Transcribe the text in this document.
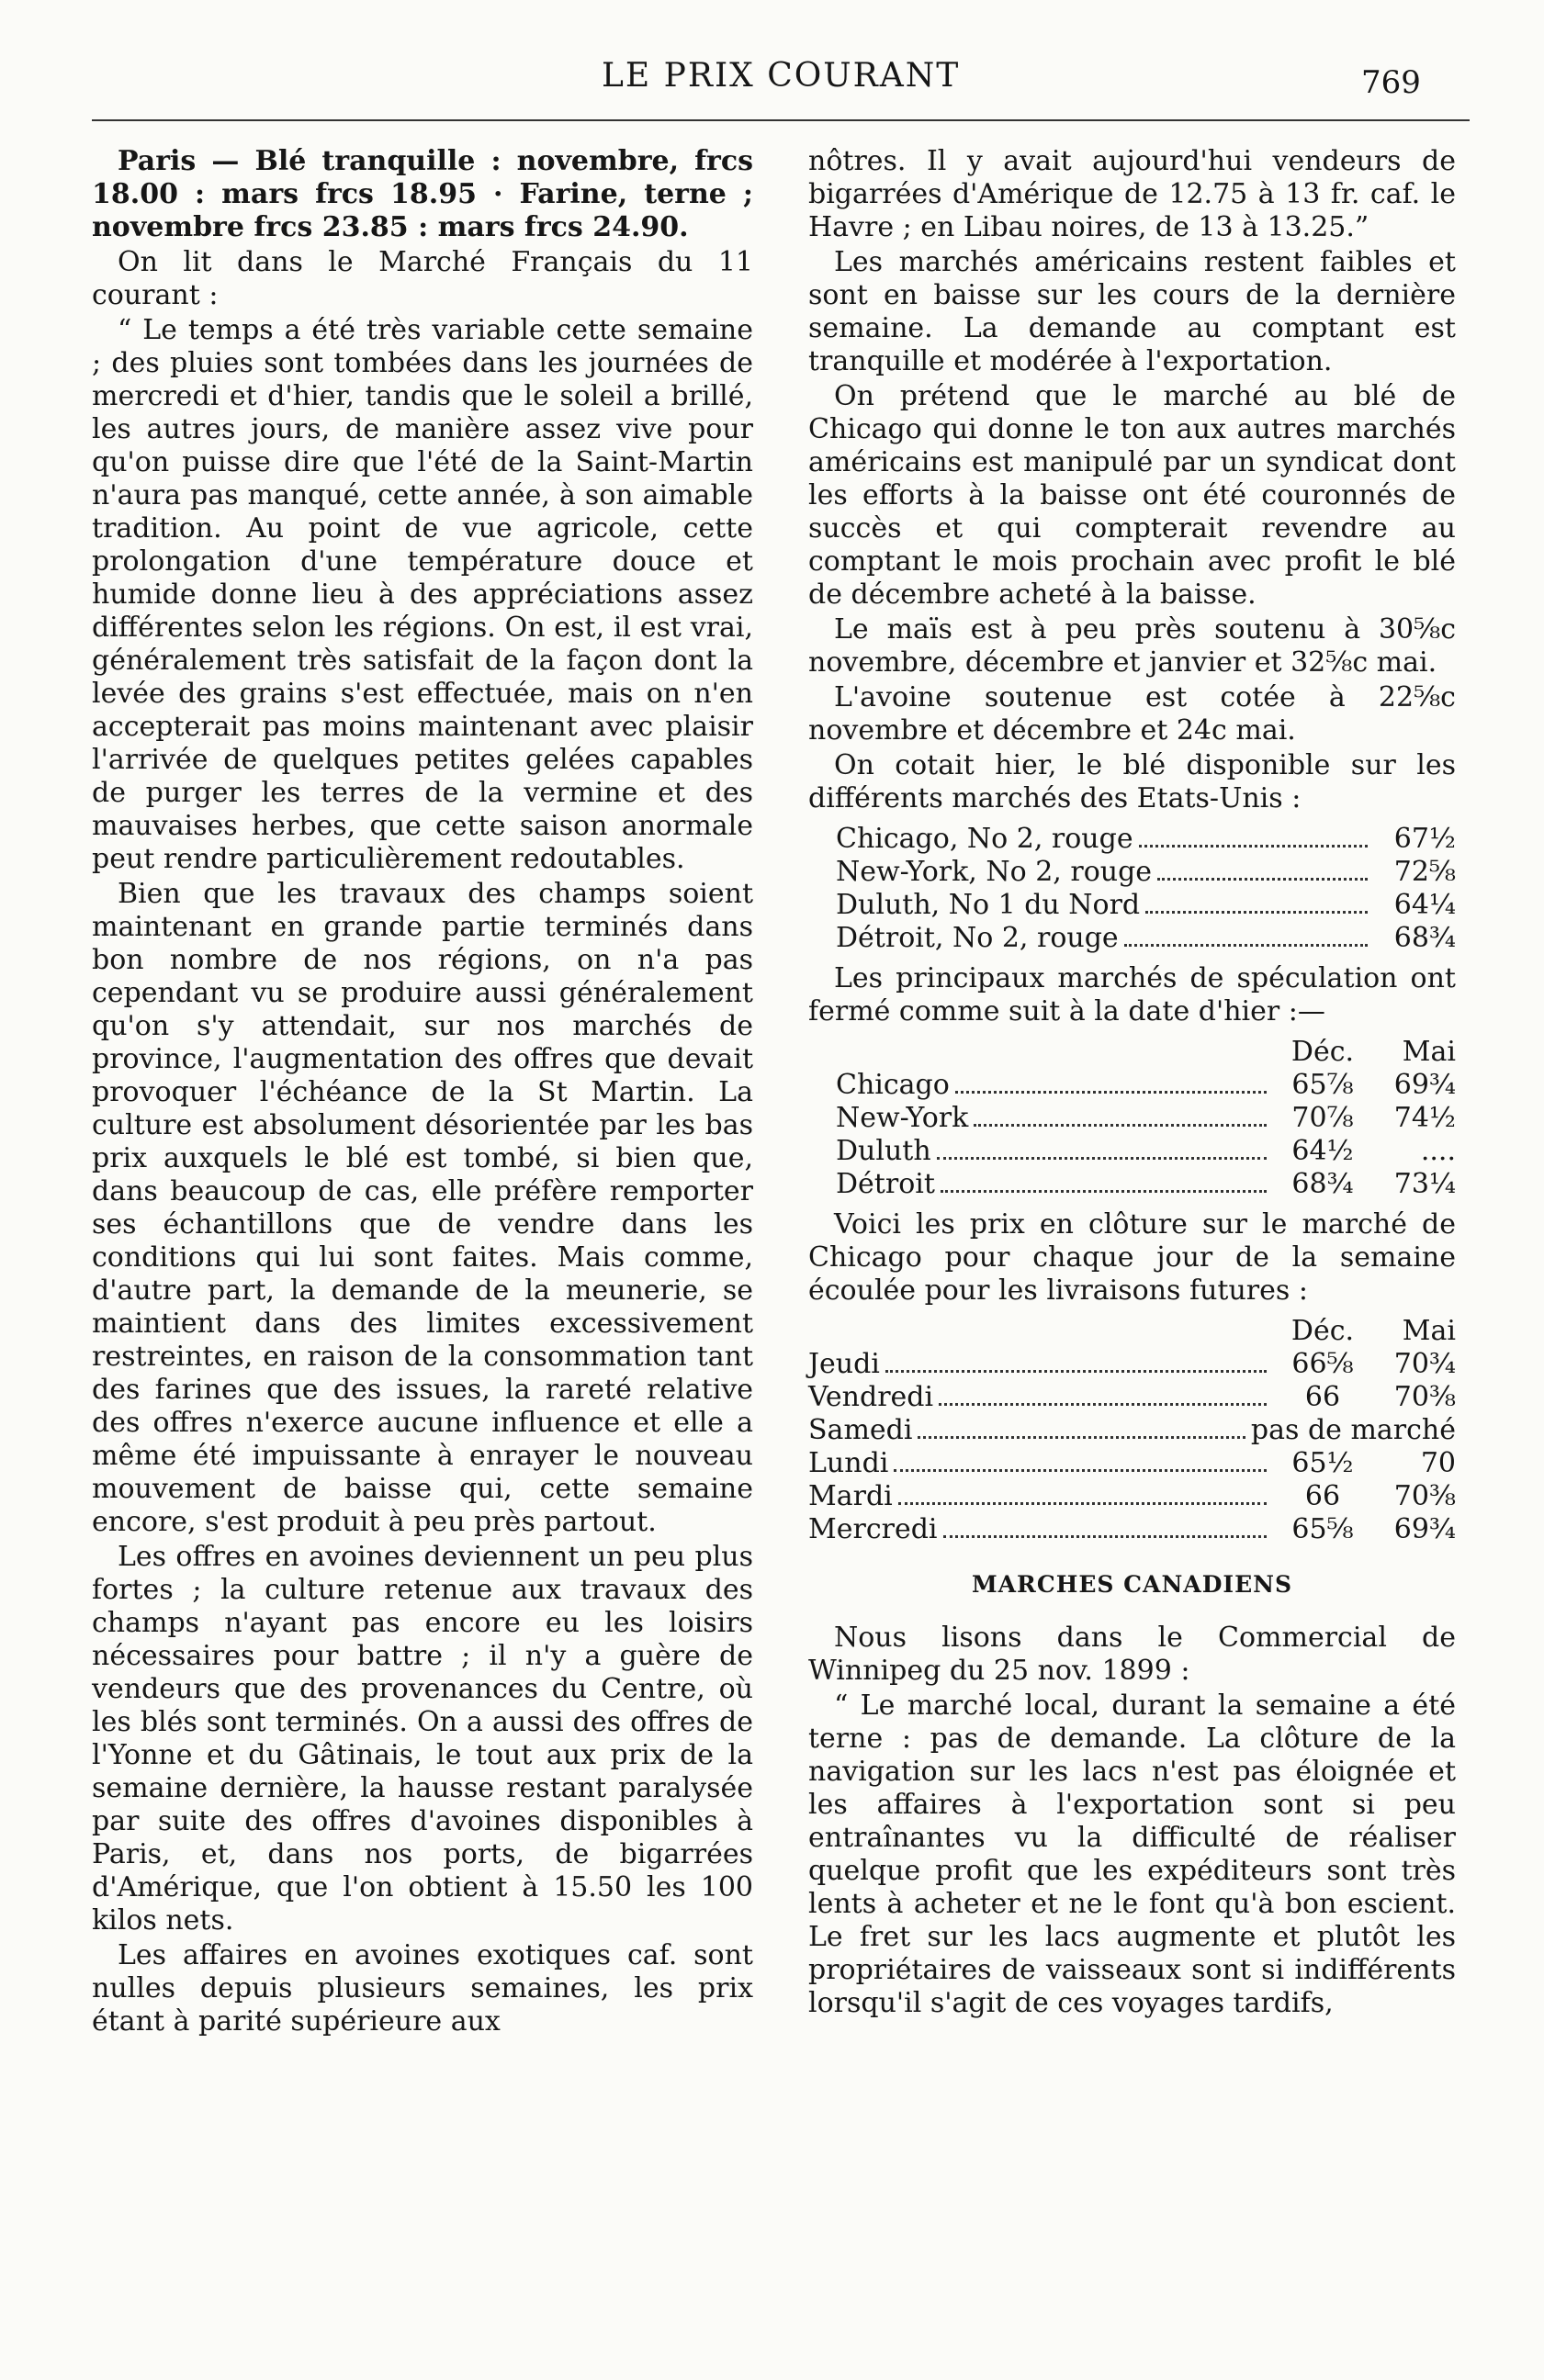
LE PRIX COURANT	769

Paris — Blé tranquille : novembre, frcs 18.00 : mars frcs 18.95 · Farine, terne ; novembre frcs 23.85 : mars frcs 24.90.

On lit dans le Marché Français du 11 courant :

“ Le temps a été très variable cette semaine ; des pluies sont tombées dans les journées de mercredi et d'hier, tandis que le soleil a brillé, les autres jours, de manière assez vive pour qu'on puisse dire que l'été de la Saint-Martin n'aura pas manqué, cette année, à son aimable tradition. Au point de vue agricole, cette prolongation d'une température douce et humide donne lieu à des appréciations assez différentes selon les régions. On est, il est vrai, généralement très satisfait de la façon dont la levée des grains s'est effectuée, mais on n'en accepterait pas moins maintenant avec plaisir l'arrivée de quelques petites gelées capables de purger les terres de la vermine et des mauvaises herbes, que cette saison anormale peut rendre particulièrement redoutables.

Bien que les travaux des champs soient maintenant en grande partie terminés dans bon nombre de nos régions, on n'a pas cependant vu se produire aussi généralement qu'on s'y attendait, sur nos marchés de province, l'augmentation des offres que devait provoquer l'échéance de la St Martin. La culture est absolument désorientée par les bas prix auxquels le blé est tombé, si bien que, dans beaucoup de cas, elle préfère remporter ses échantillons que de vendre dans les conditions qui lui sont faites. Mais comme, d'autre part, la demande de la meunerie, se maintient dans des limites excessivement restreintes, en raison de la consommation tant des farines que des issues, la rareté relative des offres n'exerce aucune influence et elle a même été impuissante à enrayer le nouveau mouvement de baisse qui, cette semaine encore, s'est produit à peu près partout.

Les offres en avoines deviennent un peu plus fortes ; la culture retenue aux travaux des champs n'ayant pas encore eu les loisirs nécessaires pour battre ; il n'y a guère de vendeurs que des provenances du Centre, où les blés sont terminés. On a aussi des offres de l'Yonne et du Gâtinais, le tout aux prix de la semaine dernière, la hausse restant paralysée par suite des offres d'avoines disponibles à Paris, et, dans nos ports, de bigarrées d'Amérique, que l'on obtient à 15.50 les 100 kilos nets.

Les affaires en avoines exotiques caf. sont nulles depuis plusieurs semaines, les prix étant à parité supérieure aux

nôtres. Il y avait aujourd'hui vendeurs de bigarrées d'Amérique de 12.75 à 13 fr. caf. le Havre ; en Libau noires, de 13 à 13.25.”

Les marchés américains restent faibles et sont en baisse sur les cours de la dernière semaine. La demande au comptant est tranquille et modérée à l'exportation.

On prétend que le marché au blé de Chicago qui donne le ton aux autres marchés américains est manipulé par un syndicat dont les efforts à la baisse ont été couronnés de succès et qui compterait revendre au comptant le mois prochain avec profit le blé de décembre acheté à la baisse.

Le maïs est à peu près soutenu à 30⅝c novembre, décembre et janvier et 32⅝c mai.

L'avoine soutenue est cotée à 22⅝c novembre et décembre et 24c mai.

On cotait hier, le blé disponible sur les différents marchés des Etats-Unis :

Chicago, No 2, rouge	67½
New-York, No 2, rouge	72⅝
Duluth, No 1 du Nord	64¼
Détroit, No 2, rouge	68¾

Les principaux marchés de spéculation ont fermé comme suit à la date d'hier :—

Déc.	Mai
Chicago	65⅞	69¾
New-York	70⅞	74½
Duluth	64½	....
Détroit	68¾	73¼

Voici les prix en clôture sur le marché de Chicago pour chaque jour de la semaine écoulée pour les livraisons futures :

Déc.	Mai
Jeudi	66⅝	70¾
Vendredi	66	70⅜
Samedi	pas de marché
Lundi	65½	70
Mardi	66	70⅜
Mercredi	65⅝	69¾
MARCHES CANADIENS

Nous lisons dans le Commercial de Winnipeg du 25 nov. 1899 :

“ Le marché local, durant la semaine a été terne : pas de demande. La clôture de la navigation sur les lacs n'est pas éloignée et les affaires à l'exportation sont si peu entraînantes vu la difficulté de réaliser quelque profit que les expéditeurs sont très lents à acheter et ne le font qu'à bon escient. Le fret sur les lacs augmente et plutôt les propriétaires de vaisseaux sont si indifférents lorsqu'il s'agit de ces voyages tardifs,
